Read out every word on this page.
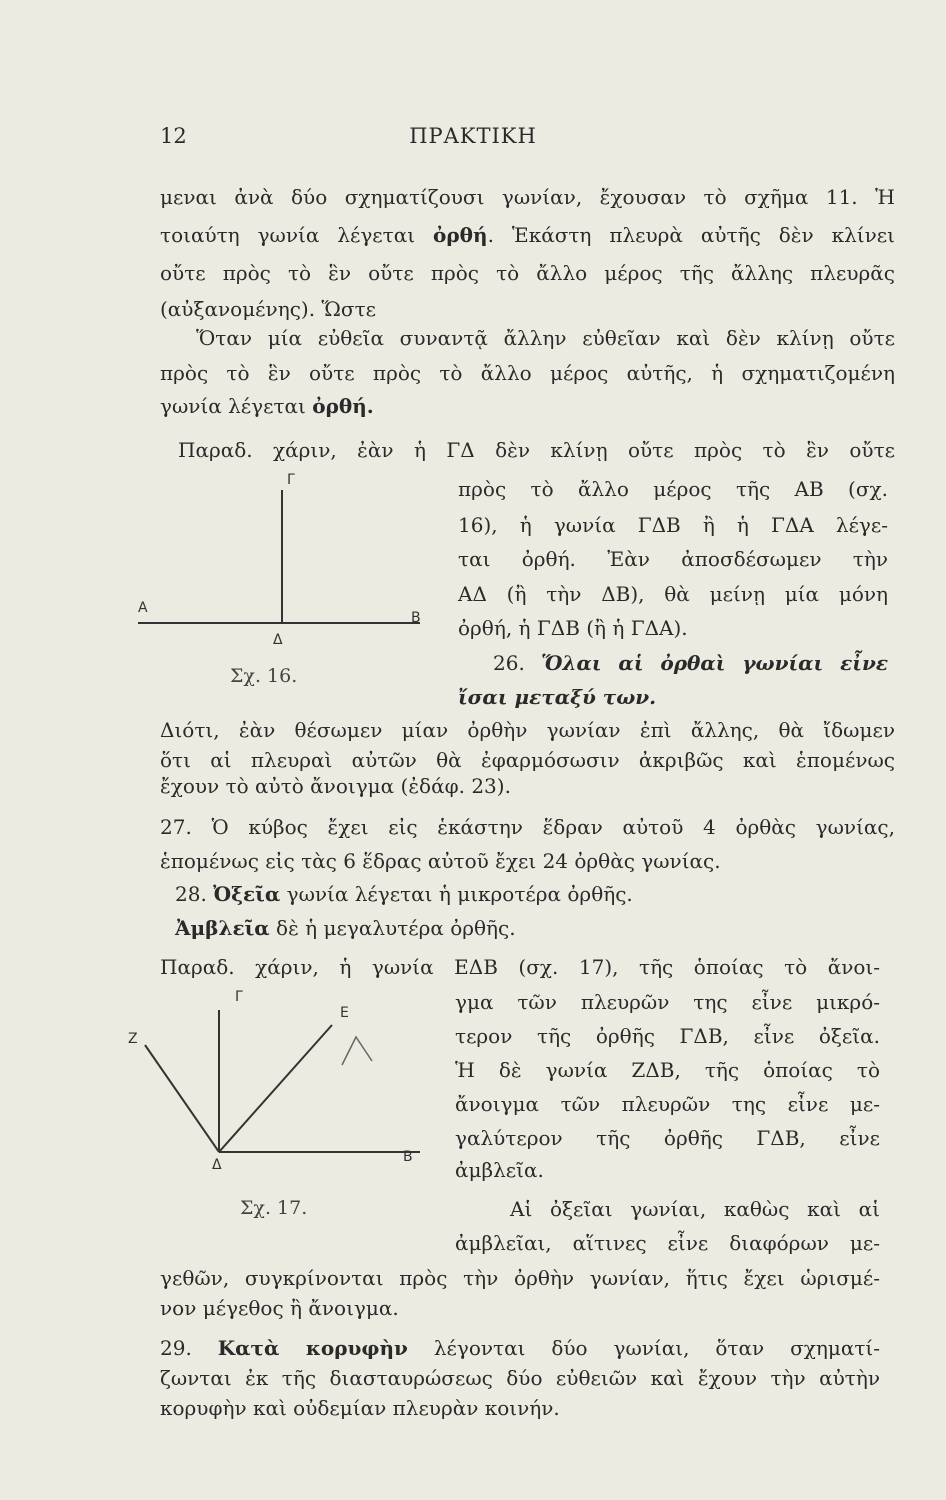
12	ΠΡΑΚΤΙΚΗ
μεναι ἀνὰ δύο σχηματίζουσι γωνίαν, ἔχουσαν τὸ σχῆμα 11. Ἡ
τοιαύτη γωνία λέγεται ὀρθή. Ἑκάστη πλευρὰ αὐτῆς δὲν κλίνει
οὔτε πρὸς τὸ ἓν οὔτε πρὸς τὸ ἄλλο μέρος τῆς ἄλλης πλευρᾶς
(αὐξανομένης). Ὥστε
Ὅταν μία εὐθεῖα συναντᾷ ἄλλην εὐθεῖαν καὶ δὲν κλίνῃ οὔτε
πρὸς τὸ ἓν οὔτε πρὸς τὸ ἄλλο μέρος αὐτῆς, ἡ σχηματιζομένη
γωνία λέγεται ὀρθή.
Παραδ. χάριν, ἐὰν ἡ ΓΔ δὲν κλίνῃ οὔτε πρὸς τὸ ἓν οὔτε
πρὸς τὸ ἄλλο μέρος τῆς ΑΒ (σχ.
16), ἡ γωνία ΓΔΒ ἢ ἡ ΓΔΑ λέγε-
ται ὀρθή. Ἐὰν ἀποσδέσωμεν τὴν
ΑΔ (ἢ τὴν ΔΒ), θὰ μείνῃ μία μόνη
ὀρθή, ἡ ΓΔΒ (ἢ ἡ ΓΔΑ).
26. Ὅλαι αἱ ὀρθαὶ γωνίαι εἶνε
ἴσαι μεταξύ των.
Διότι, ἐὰν θέσωμεν μίαν ὀρθὴν γωνίαν ἐπὶ ἄλλης, θὰ ἴδωμεν
ὅτι αἱ πλευραὶ αὐτῶν θὰ ἐφαρμόσωσιν ἀκριβῶς καὶ ἑπομένως
ἔχουν τὸ αὐτὸ ἄνοιγμα (ἐδάφ. 23).
27. Ὁ κύβος ἔχει εἰς ἑκάστην ἕδραν αὐτοῦ 4 ὀρθὰς γωνίας,
ἑπομένως εἰς τὰς 6 ἕδρας αὐτοῦ ἔχει 24 ὀρθὰς γωνίας.
28. Ὀξεῖα γωνία λέγεται ἡ μικροτέρα ὀρθῆς.
Ἀμβλεῖα δὲ ἡ μεγαλυτέρα ὀρθῆς.
Παραδ. χάριν, ἡ γωνία ΕΔΒ (σχ. 17), τῆς ὁποίας τὸ ἄνοι-
γμα τῶν πλευρῶν της εἶνε μικρό-
τερον τῆς ὀρθῆς ΓΔΒ, εἶνε ὀξεῖα.
Ἡ δὲ γωνία ΖΔΒ, τῆς ὁποίας τὸ
ἄνοιγμα τῶν πλευρῶν της εἶνε με-
γαλύτερον τῆς ὀρθῆς ΓΔΒ, εἶνε
ἀμβλεῖα.
Αἱ ὀξεῖαι γωνίαι, καθὼς καὶ αἱ
ἀμβλεῖαι, αἵτινες εἶνε διαφόρων με-
γεθῶν, συγκρίνονται πρὸς τὴν ὀρθὴν γωνίαν, ἥτις ἔχει ὡρισμέ-
νον μέγεθος ἢ ἄνοιγμα.
29. Κατὰ κορυφὴν λέγονται δύο γωνίαι, ὅταν σχηματί-
ζωνται ἐκ τῆς διασταυρώσεως δύο εὐθειῶν καὶ ἔχουν τὴν αὐτὴν
κορυφὴν καὶ οὐδεμίαν πλευρὰν κοινήν.
Γ
Α
Β
Δ
Σχ. 16.
Γ
Ε
Ζ
Δ	Β
Σχ. 17.
